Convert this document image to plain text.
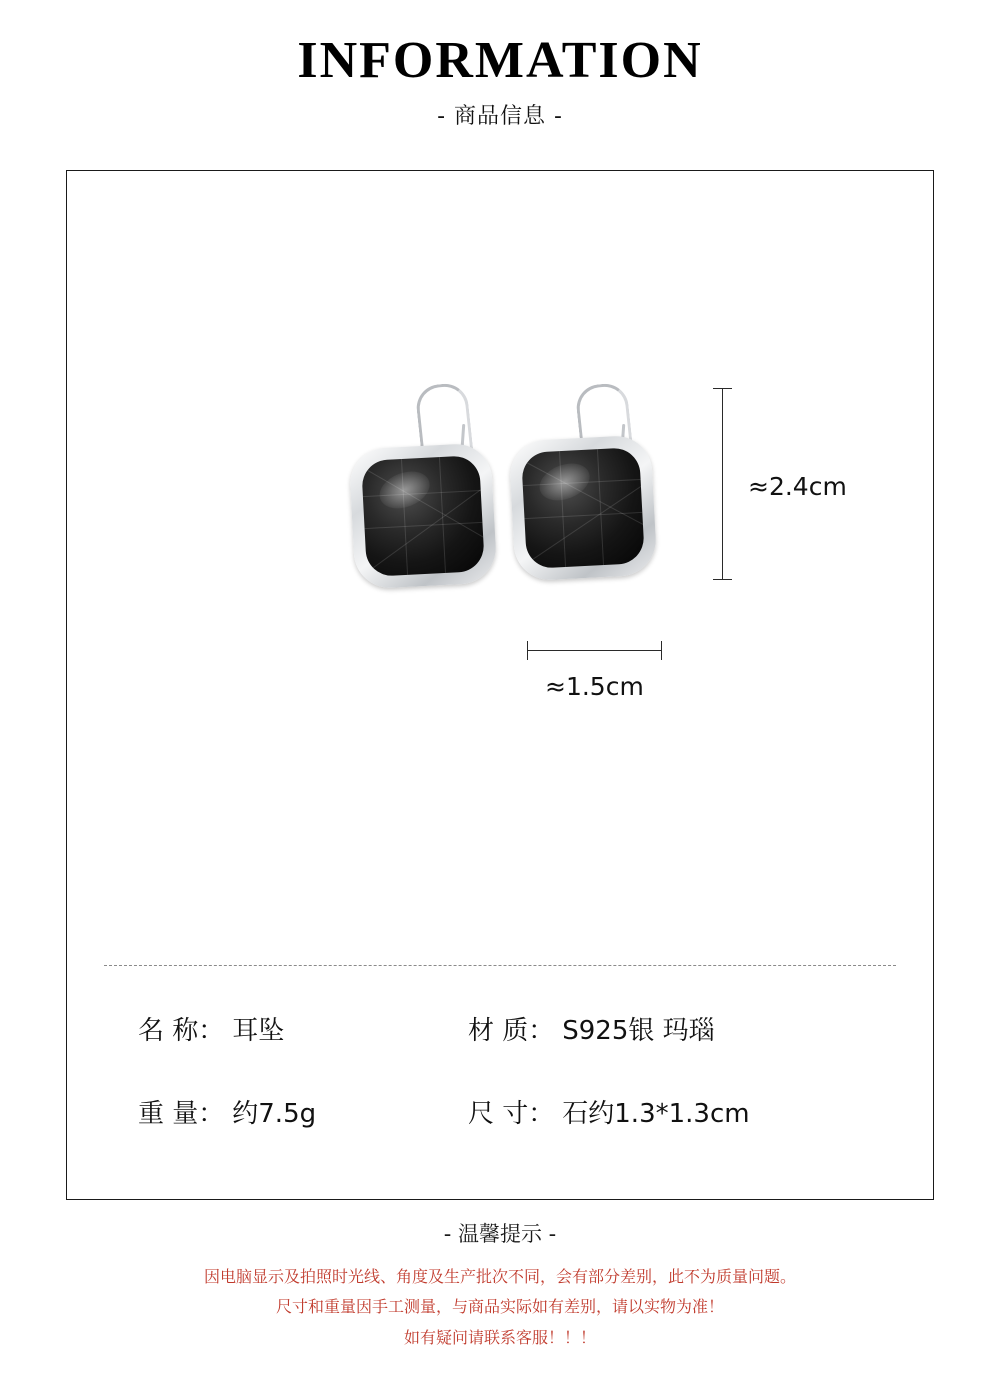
INFORMATION
- 商品信息 -
≈2.4cm
≈1.5cm
名 称： 耳坠	材 质： S925银 玛瑙
重 量： 约7.5g	尺 寸： 石约1.3*1.3cm
- 温馨提示 -
因电脑显示及拍照时光线、角度及生产批次不同，会有部分差别，此不为质量问题。
尺寸和重量因手工测量，与商品实际如有差别，请以实物为准！
如有疑问请联系客服！！！
